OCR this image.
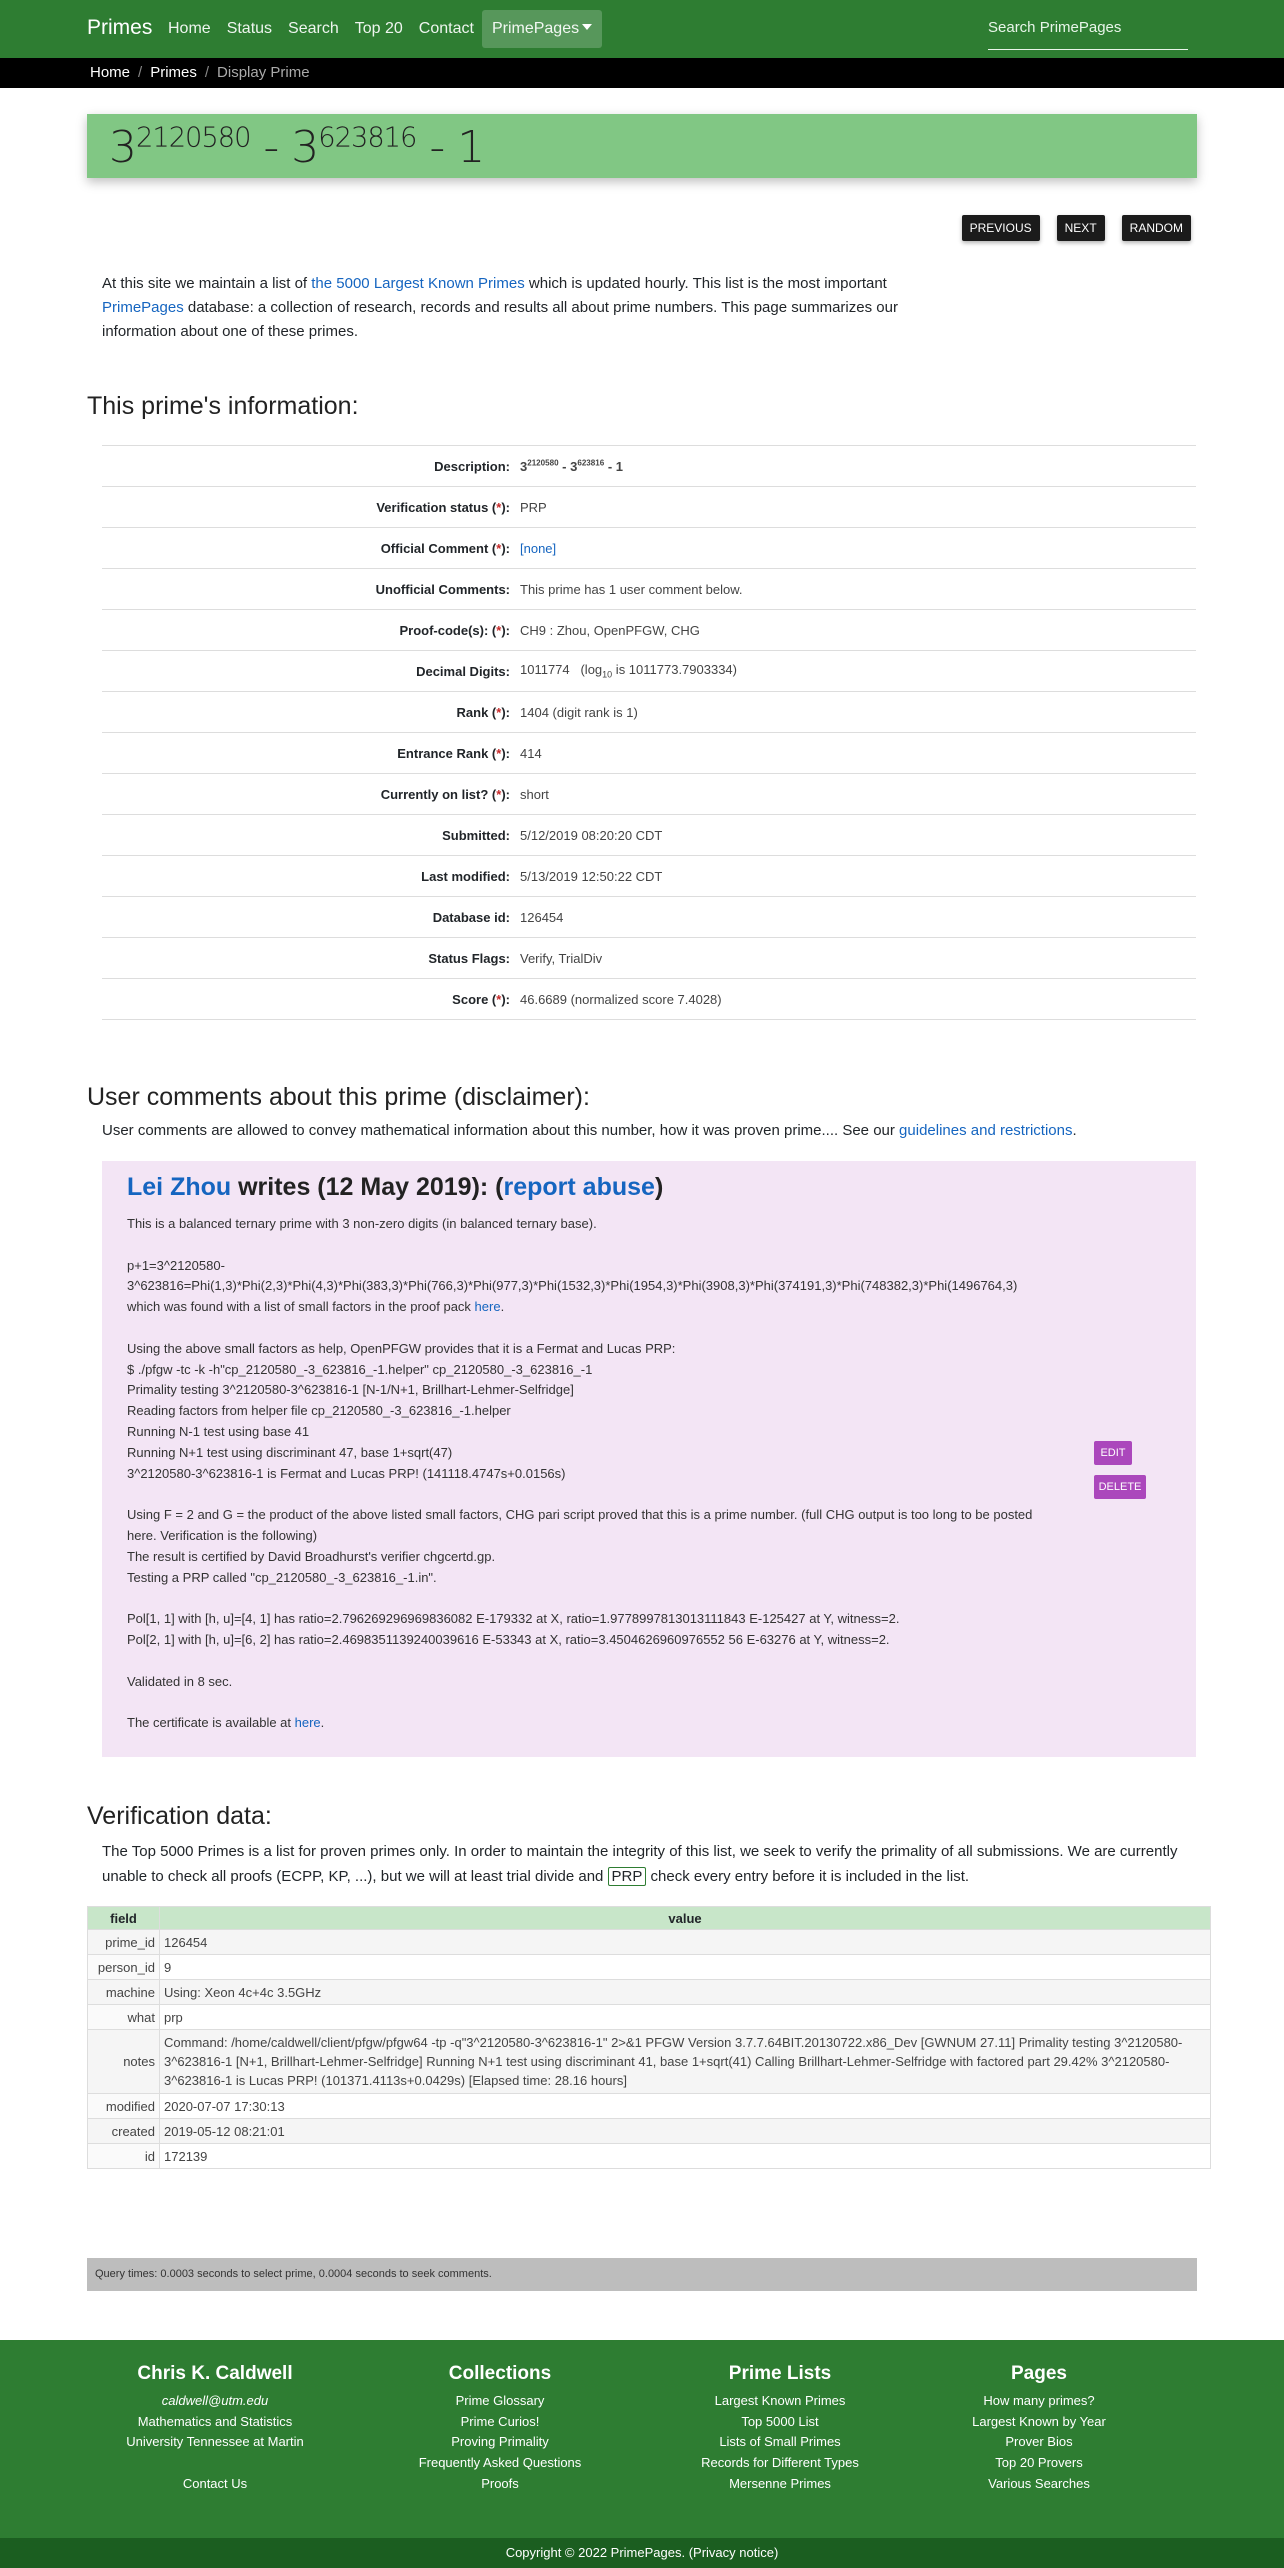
Primes Home	Status	Search	Top 20	Contact	PrimePages	Search PrimePages
Home / Primes / Display Prime
$3^{2120580} - 3^{623816} - 1$
PREVIOUS	NEXT	RANDOM

At this site we maintain a list of the 5000 Largest Known Primes which is updated hourly. This list is the most important PrimePages database: a collection of research, records and results all about prime numbers. This page summarizes our information about one of these primes.

This prime's information:
Description: $3^{2120580} - 3^{623816} - 1$
Verification status (*): PRP
Official Comment (*): [none]
Unofficial Comments: This prime has 1 user comment below.
Proof-code(s): (*): CH9 : Zhou, OpenPFGW, CHG
Decimal Digits: 1011774   ($\log_{10}$ is 1011773.7903334)
Rank (*): 1404 (digit rank is 1)
Entrance Rank (*): 414
Currently on list? (*): short
Submitted: 5/12/2019 08:20:20 CDT
Last modified: 5/13/2019 12:50:22 CDT
Database id: 126454
Status Flags: Verify, TrialDiv
Score (*): 46.6689 (normalized score 7.4028)
User comments about this prime (disclaimer):

User comments are allowed to convey mathematical information about this number, how it was proven prime.... See our guidelines and restrictions.

Lei Zhou writes (12 May 2019): (report abuse)
This is a balanced ternary prime with 3 non-zero digits (in balanced ternary base).
p+1=3^2120580-
3^623816=Phi(1,3)*Phi(2,3)*Phi(4,3)*Phi(383,3)*Phi(766,3)*Phi(977,3)*Phi(1532,3)*Phi(1954,3)*Phi(3908,3)*Phi(374191,3)*Phi(748382,3)*Phi(1496764,3)
which was found with a list of small factors in the proof pack here.
Using the above small factors as help, OpenPFGW provides that it is a Fermat and Lucas PRP:
$ ./pfgw -tc -k -h"cp_2120580_-3_623816_-1.helper" cp_2120580_-3_623816_-1
Primality testing 3^2120580-3^623816-1 [N-1/N+1, Brillhart-Lehmer-Selfridge]
Reading factors from helper file cp_2120580_-3_623816_-1.helper
Running N-1 test using base 41
Running N+1 test using discriminant 47, base 1+sqrt(47)
3^2120580-3^623816-1 is Fermat and Lucas PRP! (141118.4747s+0.0156s)
Using F = 2 and G = the product of the above listed small factors, CHG pari script proved that this is a prime number. (full CHG output is too long to be posted
here. Verification is the following)
The result is certified by David Broadhurst's verifier chgcertd.gp.
Testing a PRP called "cp_2120580_-3_623816_-1.in".
Pol[1, 1] with [h, u]=[4, 1] has ratio=2.796269296969836082 E-179332 at X, ratio=1.9778997813013111843 E-125427 at Y, witness=2.
Pol[2, 1] with [h, u]=[6, 2] has ratio=2.4698351139240039616 E-53343 at X, ratio=3.4504626960976552 56 E-63276 at Y, witness=2.
Validated in 8 sec.
The certificate is available at here.
EDIT
DELETE
Verification data:

The Top 5000 Primes is a list for proven primes only. In order to maintain the integrity of this list, we seek to verify the primality of all submissions. We are currently unable to check all proofs (ECPP, KP, ...), but we will at least trial divide and PRP check every entry before it is included in the list.

field	value
prime_id	126454
person_id	9
machine	Using: Xeon 4c+4c 3.5GHz
what	prp
notes	Command: /home/caldwell/client/pfgw/pfgw64 -tp -q"3^2120580-3^623816-1" 2>&1 PFGW Version 3.7.7.64BIT.20130722.x86_Dev [GWNUM 27.11] Primality testing 3^2120580-3^623816-1 [N+1, Brillhart-Lehmer-Selfridge] Running N+1 test using discriminant 41, base 1+sqrt(41) Calling Brillhart-Lehmer-Selfridge with factored part 29.42% 3^2120580-3^623816-1 is Lucas PRP! (101371.4113s+0.0429s) [Elapsed time: 28.16 hours]
modified	2020-07-07 17:30:13
created	2019-05-12 08:21:01
id	172139
Query times: 0.0003 seconds to select prime, 0.0004 seconds to seek comments.
Chris K. Caldwell
caldwell@utm.edu
Mathematics and Statistics
University Tennessee at Martin
Contact Us
Collections
Prime Glossary
Prime Curios!
Proving Primality
Frequently Asked Questions
Proofs
Prime Lists
Largest Known Primes
Top 5000 List
Lists of Small Primes
Records for Different Types
Mersenne Primes
Pages
How many primes?
Largest Known by Year
Prover Bios
Top 20 Provers
Various Searches
Copyright © 2022 PrimePages. (Privacy notice)
